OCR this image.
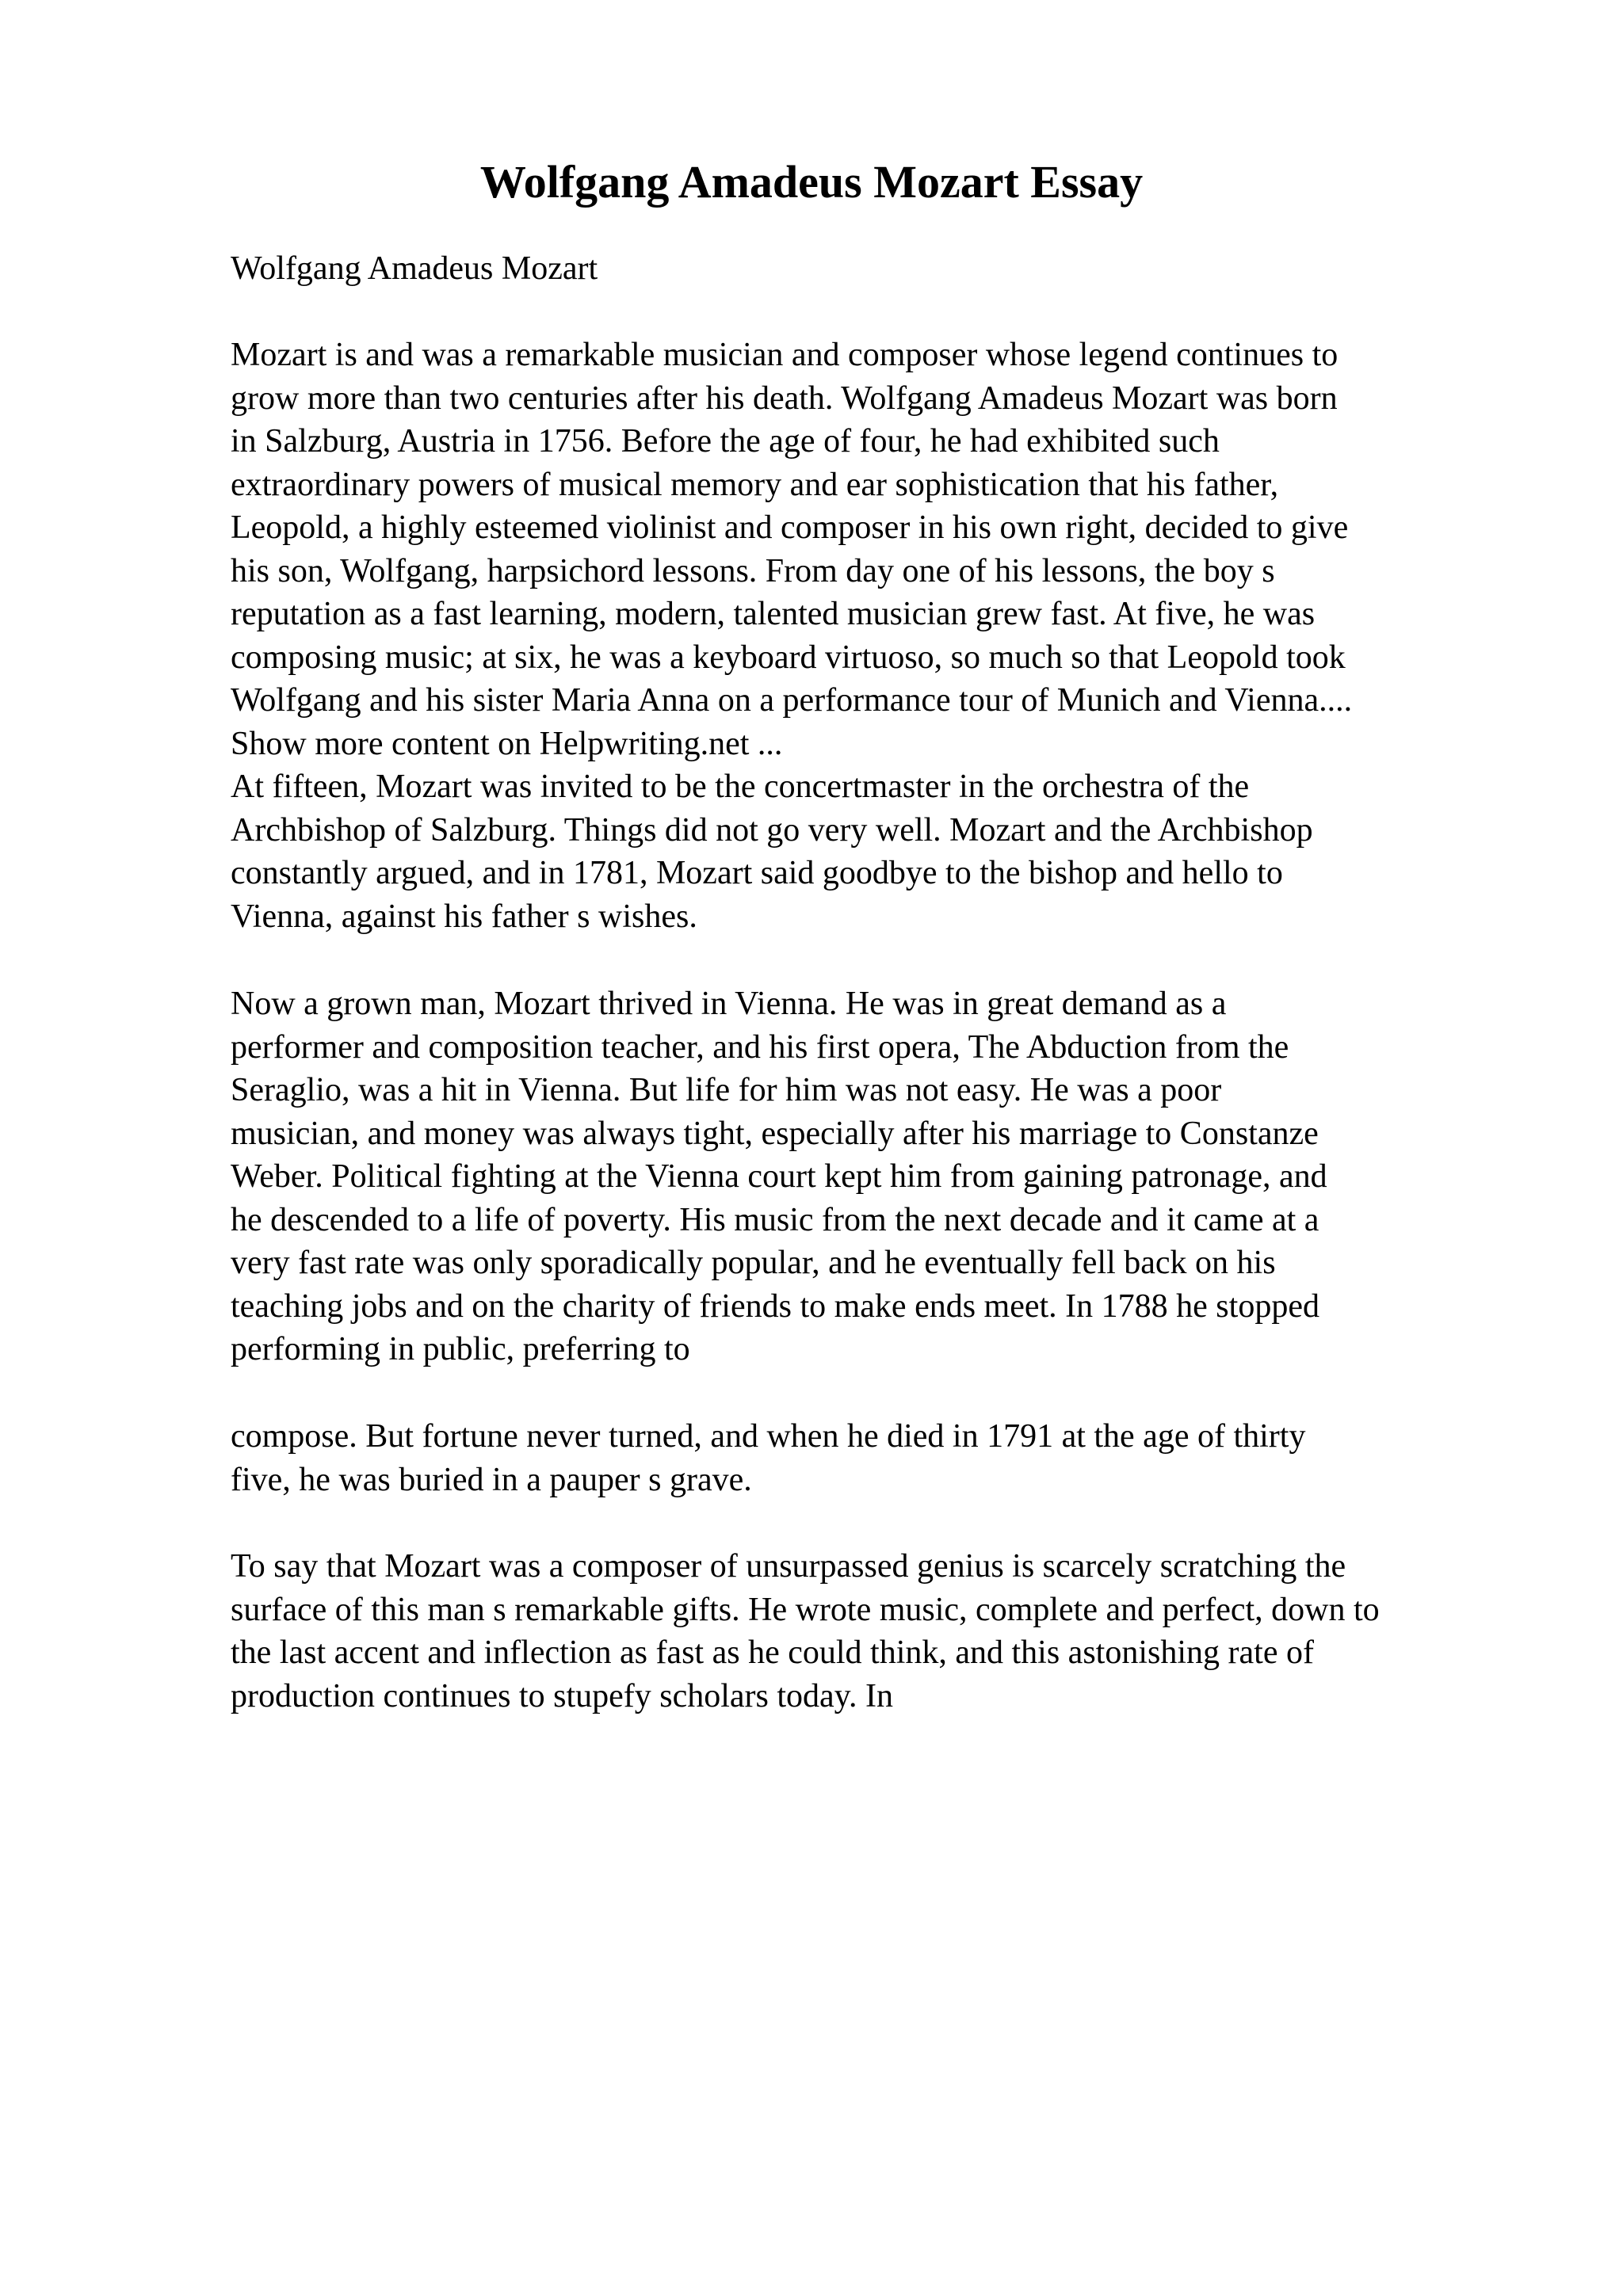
Wolfgang Amadeus Mozart Essay

Wolfgang Amadeus Mozart

Mozart is and was a remarkable musician and composer whose legend continues to
grow more than two centuries after his death. Wolfgang Amadeus Mozart was born
in Salzburg, Austria in 1756. Before the age of four, he had exhibited such
extraordinary powers of musical memory and ear sophistication that his father,
Leopold, a highly esteemed violinist and composer in his own right, decided to give
his son, Wolfgang, harpsichord lessons. From day one of his lessons, the boy s
reputation as a fast learning, modern, talented musician grew fast. At five, he was
composing music; at six, he was a keyboard virtuoso, so much so that Leopold took
Wolfgang and his sister Maria Anna on a performance tour of Munich and Vienna....
Show more content on Helpwriting.net ...
At fifteen, Mozart was invited to be the concertmaster in the orchestra of the
Archbishop of Salzburg. Things did not go very well. Mozart and the Archbishop
constantly argued, and in 1781, Mozart said goodbye to the bishop and hello to
Vienna, against his father s wishes.

Now a grown man, Mozart thrived in Vienna. He was in great demand as a
performer and composition teacher, and his first opera, The Abduction from the
Seraglio, was a hit in Vienna. But life for him was not easy. He was a poor
musician, and money was always tight, especially after his marriage to Constanze
Weber. Political fighting at the Vienna court kept him from gaining patronage, and
he descended to a life of poverty. His music from the next decade and it came at a
very fast rate was only sporadically popular, and he eventually fell back on his
teaching jobs and on the charity of friends to make ends meet. In 1788 he stopped
performing in public, preferring to

compose. But fortune never turned, and when he died in 1791 at the age of thirty
five, he was buried in a pauper s grave.

To say that Mozart was a composer of unsurpassed genius is scarcely scratching the
surface of this man s remarkable gifts. He wrote music, complete and perfect, down to
the last accent and inflection as fast as he could think, and this astonishing rate of
production continues to stupefy scholars today. In
